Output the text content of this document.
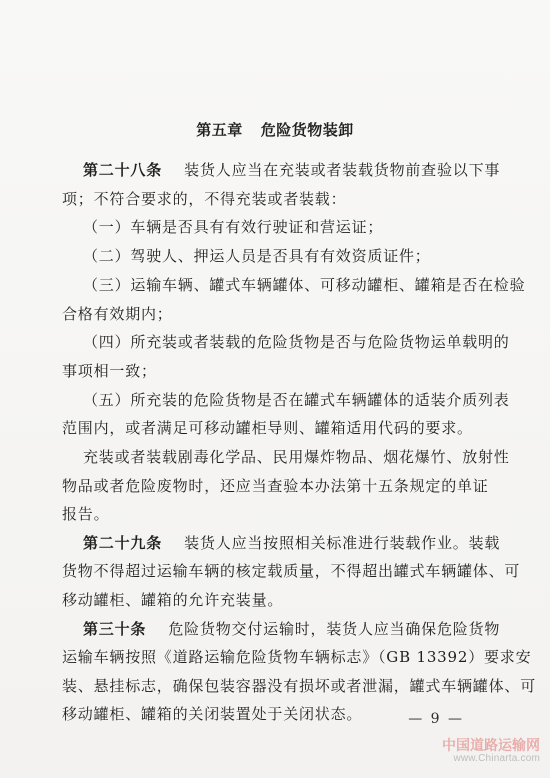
第五章 危险货物装卸
第二十八条 装货人应当在充装或者装载货物前查验以下事
项；不符合要求的，不得充装或者装载：
（一）车辆是否具有有效行驶证和营运证；
（二）驾驶人、押运人员是否具有有效资质证件；
（三）运输车辆、罐式车辆罐体、可移动罐柜、罐箱是否在检验
合格有效期内；
（四）所充装或者装载的危险货物是否与危险货物运单载明的
事项相一致；
（五）所充装的危险货物是否在罐式车辆罐体的适装介质列表
范围内，或者满足可移动罐柜导则、罐箱适用代码的要求。
充装或者装载剧毒化学品、民用爆炸物品、烟花爆竹、放射性
物品或者危险废物时，还应当查验本办法第十五条规定的单证
报告。
第二十九条 装货人应当按照相关标准进行装载作业。装载
货物不得超过运输车辆的核定载质量，不得超出罐式车辆罐体、可
移动罐柜、罐箱的允许充装量。
第三十条 危险货物交付运输时，装货人应当确保危险货物
运输车辆按照《道路运输危险货物车辆标志》（GB 13392）要求安
装、悬挂标志，确保包装容器没有损坏或者泄漏，罐式车辆罐体、可
移动罐柜、罐箱的关闭装置处于关闭状态。	— 9 —
中国道路运输网
www.Chinarta.com
